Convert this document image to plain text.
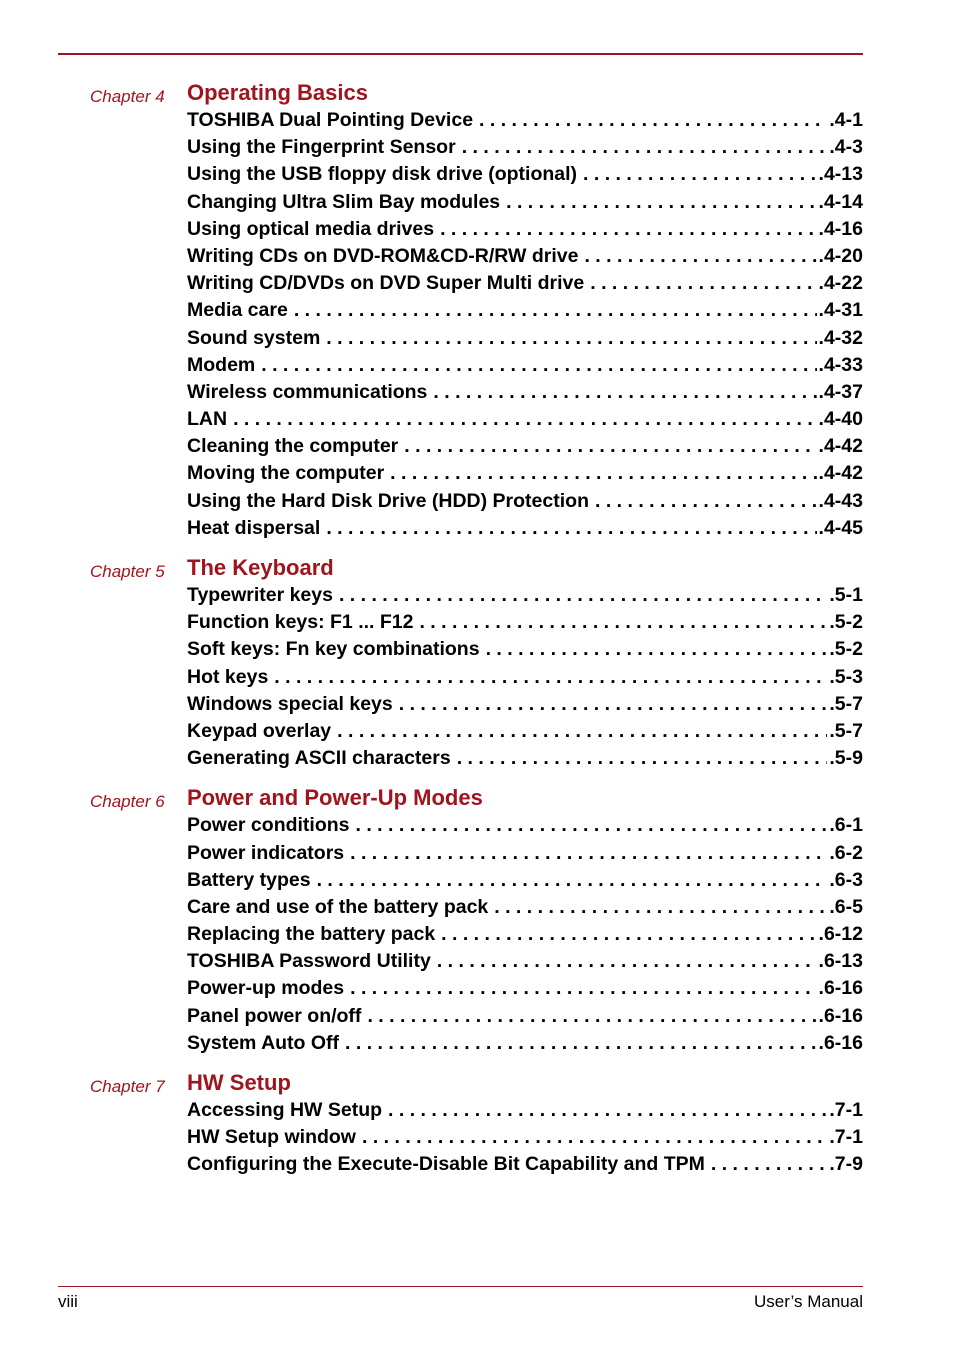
Chapter 4 Operating Basics
TOSHIBA Dual Pointing Device . . .	.4-1
Using the Fingerprint Sensor . . .	.4-3
Using the USB floppy disk drive (optional) . . .	.4-13
Changing Ultra Slim Bay modules . . .	.4-14
Using optical media drives . . .	.4-16
Writing CDs on DVD-ROM&CD-R/RW drive . . .	.4-20
Writing CD/DVDs on DVD Super Multi drive . . .	.4-22
Media care . . .	.4-31
Sound system . . .	.4-32
Modem . . .	.4-33
Wireless communications . . .	.4-37
LAN . . .	.4-40
Cleaning the computer . . .	.4-42
Moving the computer . . .	.4-42
Using the Hard Disk Drive (HDD) Protection . . .	.4-43
Heat dispersal . . .	.4-45
Chapter 5 The Keyboard
Typewriter keys . . .	.5-1
Function keys: F1 ... F12 . . .	.5-2
Soft keys: Fn key combinations . . .	.5-2
Hot keys . . .	.5-3
Windows special keys . . .	.5-7
Keypad overlay . . .	.5-7
Generating ASCII characters . . .	.5-9
Chapter 6 Power and Power-Up Modes
Power conditions . . .	.6-1
Power indicators . . .	.6-2
Battery types . . .	.6-3
Care and use of the battery pack . . .	.6-5
Replacing the battery pack . . .	.6-12
TOSHIBA Password Utility . . .	.6-13
Power-up modes . . .	.6-16
Panel power on/off . . .	.6-16
System Auto Off . . .	.6-16
Chapter 7 HW Setup
Accessing HW Setup . . .	.7-1
HW Setup window . . .	.7-1
Configuring the Execute-Disable Bit Capability and TPM . . .	.7-9
viii	User’s Manual
